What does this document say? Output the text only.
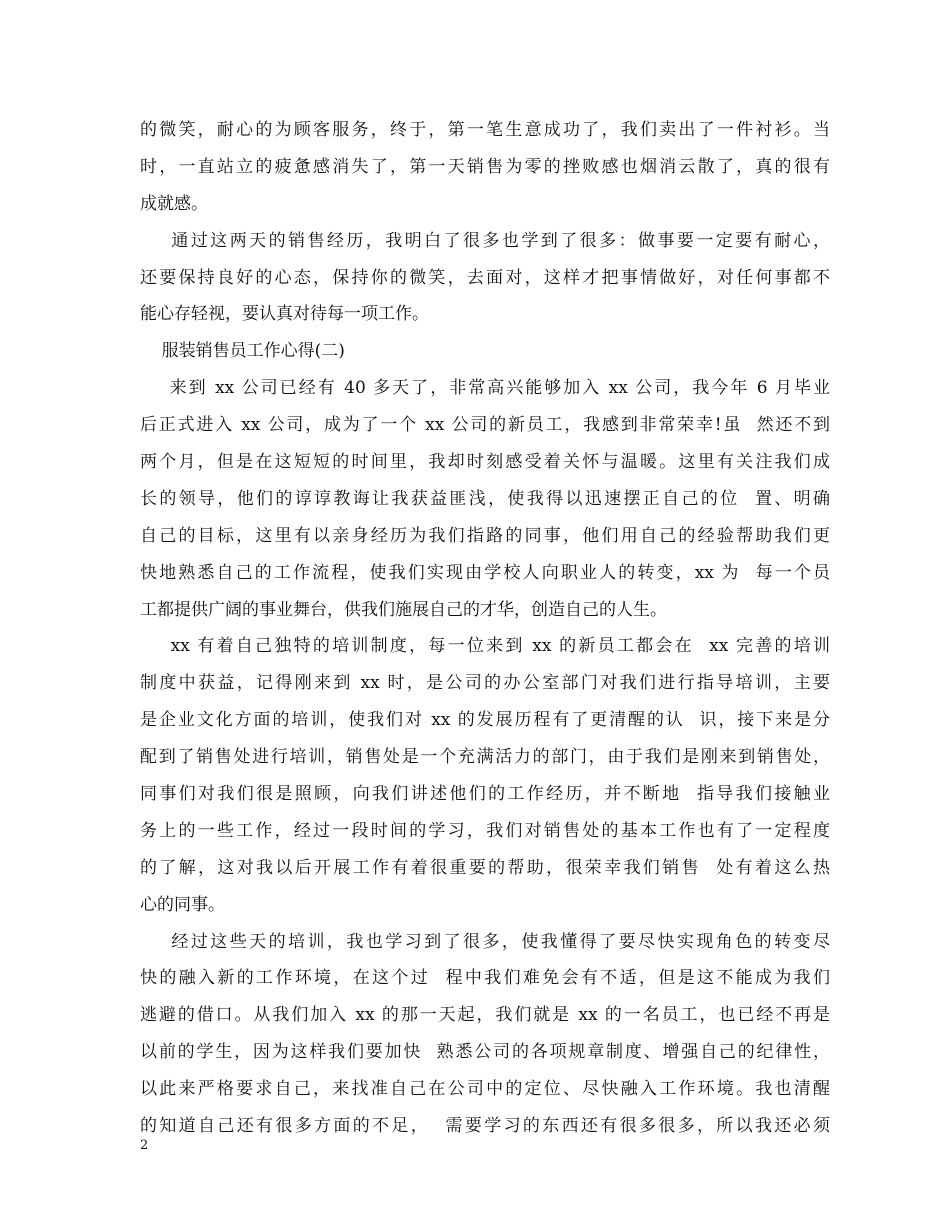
的微笑，耐心的为顾客服务，终于，第一笔生意成功了，我们卖出了一件衬衫。当
时，一直站立的疲惫感消失了，第一天销售为零的挫败感也烟消云散了，真的很有
成就感。
通过这两天的销售经历，我明白了很多也学到了很多：做事要一定要有耐心，
还要保持良好的心态，保持你的微笑，去面对，这样才把事情做好，对任何事都不
能心存轻视，要认真对待每一项工作。
服装销售员工作心得(二)
来到 xx 公司已经有 40 多天了，非常高兴能够加入 xx 公司，我今年 6 月毕业
后正式进入 xx 公司，成为了一个 xx 公司的新员工，我感到非常荣幸!虽  然还不到
两个月，但是在这短短的时间里，我却时刻感受着关怀与温暖。这里有关注我们成
长的领导，他们的谆谆教诲让我获益匪浅，使我得以迅速摆正自己的位  置、明确
自己的目标，这里有以亲身经历为我们指路的同事，他们用自己的经验帮助我们更
快地熟悉自己的工作流程，使我们实现由学校人向职业人的转变，xx 为  每一个员
工都提供广阔的事业舞台，供我们施展自己的才华，创造自己的人生。
xx 有着自己独特的培训制度，每一位来到 xx 的新员工都会在  xx 完善的培训
制度中获益，记得刚来到 xx 时，是公司的办公室部门对我们进行指导培训，主要
是企业文化方面的培训，使我们对 xx 的发展历程有了更清醒的认  识，接下来是分
配到了销售处进行培训，销售处是一个充满活力的部门，由于我们是刚来到销售处，
同事们对我们很是照顾，向我们讲述他们的工作经历，并不断地  指导我们接触业
务上的一些工作，经过一段时间的学习，我们对销售处的基本工作也有了一定程度
的了解，这对我以后开展工作有着很重要的帮助，很荣幸我们销售  处有着这么热
心的同事。
经过这些天的培训，我也学习到了很多，使我懂得了要尽快实现角色的转变尽
快的融入新的工作环境，在这个过  程中我们难免会有不适，但是这不能成为我们
逃避的借口。从我们加入 xx 的那一天起，我们就是 xx 的一名员工，也已经不再是
以前的学生，因为这样我们要加快  熟悉公司的各项规章制度、增强自己的纪律性，
以此来严格要求自己，来找准自己在公司中的定位、尽快融入工作环境。我也清醒
的知道自己还有很多方面的不足，  需要学习的东西还有很多很多，所以我还必须
2
